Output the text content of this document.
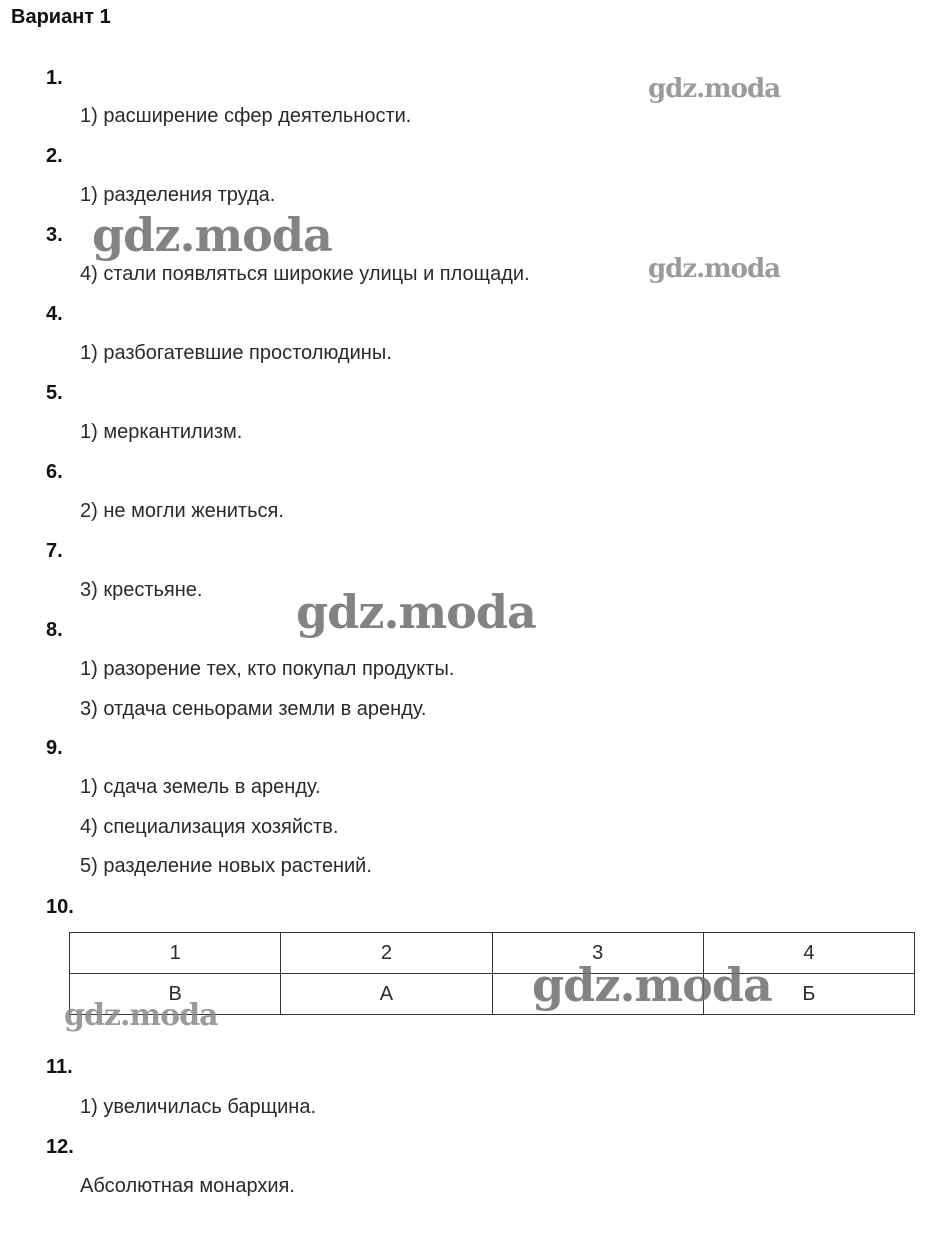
Вариант 1
1.
1) расширение сфер деятельности.
2.
1) разделения труда.
3.
4) стали появляться широкие улицы и площади.
4.
1) разбогатевшие простолюдины.
5.
1) меркантилизм.
6.
2) не могли жениться.
7.
3) крестьяне.
8.
1) разорение тех, кто покупал продукты.
3) отдача сеньорами земли в аренду.
9.
1) сдача земель в аренду.
4) специализация хозяйств.
5) разделение новых растений.
10.
1	2	3	4
В	А		Б
11.
1) увеличилась барщина.
12.
Абсолютная монархия.
gdz.moda
gdz.moda
gdz.moda
gdz.moda
gdz.moda
gdz.moda
